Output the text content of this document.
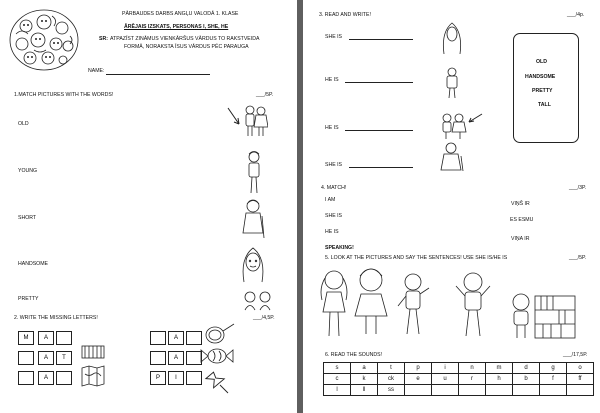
PĀRBAUDES DARBS ANGĻU VALODĀ 1. KLASE
ĀRĒJAIS IZSKATS, PERSONAS I, SHE, HE
SR: ATPAZĪST ZINĀMUS VIENKĀRŠUS VĀRDUS TO RAKSTVEIDA
FORMĀ, NORAKSTA ĪSUS VĀRDUS PĒC PARAUGA
NAME:
1.MATCH PICTURES WITH THE WORDS!	___/5P.
OLD
YOUNG
SHORT
HANDSOME
PRETTY
2. WRITE THE MISSING LETTERS!	___/4,5P.
M	A
A	T
A
A
A
P	I
3. READ AND WRITE!	___/4p.
SHE IS
HE IS
HE IS
SHE IS
OLD
HANDSOME
PRETTY
TALL
4. MATCH!	___/3P.
I AM
SHE IS
HE IS
VIŅŠ IR
ES ESMU
VIŅA IR
SPEAKING!
5. LOOK AT THE PICTURES AND SAY THE SENTENCES! USE SHE IS/HE IS	___/5P.
6. READ THE SOUNDS!	___/17,5P.
s	a	t	p	i	n	m	d	g	o
c	k	ck	e	u	r	h	b	f	ff
l	ll	ss							
